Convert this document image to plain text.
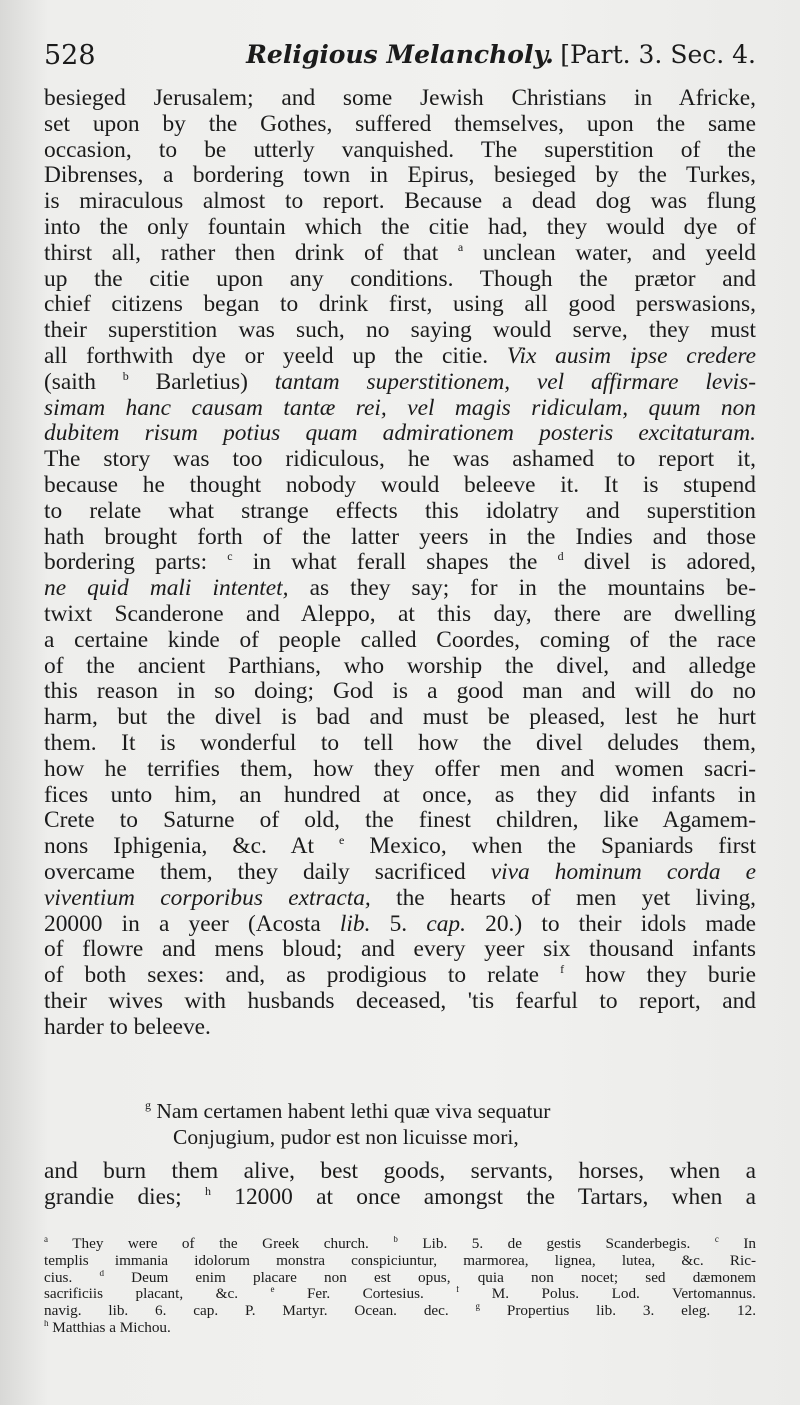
528	Religious Melancholy. [Part. 3. Sec. 4.
besieged Jerusalem; and some Jewish Christians in Africke,
set upon by the Gothes, suffered themselves, upon the same
occasion, to be utterly vanquished. The superstition of the
Dibrenses, a bordering town in Epirus, besieged by the Turkes,
is miraculous almost to report. Because a dead dog was flung
into the only fountain which the citie had, they would dye of
thirst all, rather then drink of that $^a$ unclean water, and yeeld
up the citie upon any conditions. Though the prætor and
chief citizens began to drink first, using all good perswasions,
their superstition was such, no saying would serve, they must
all forthwith dye or yeeld up the citie. Vix ausim ipse credere
(saith $^b$ Barletius) tantam superstitionem, vel affirmare levis-
simam hanc causam tantæ rei, vel magis ridiculam, quum non
dubitem risum potius quam admirationem posteris excitaturam.
The story was too ridiculous, he was ashamed to report it,
because he thought nobody would beleeve it. It is stupend
to relate what strange effects this idolatry and superstition
hath brought forth of the latter yeers in the Indies and those
bordering parts: $^c$ in what ferall shapes the $^d$ divel is adored,
ne quid mali intentet, as they say; for in the mountains be-
twixt Scanderone and Aleppo, at this day, there are dwelling
a certaine kinde of people called Coordes, coming of the race
of the ancient Parthians, who worship the divel, and alledge
this reason in so doing; God is a good man and will do no
harm, but the divel is bad and must be pleased, lest he hurt
them. It is wonderful to tell how the divel deludes them,
how he terrifies them, how they offer men and women sacri-
fices unto him, an hundred at once, as they did infants in
Crete to Saturne of old, the finest children, like Agamem-
nons Iphigenia, &c. At $^e$ Mexico, when the Spaniards first
overcame them, they daily sacrificed viva hominum corda e
viventium corporibus extracta, the hearts of men yet living,
20000 in a yeer (Acosta lib. 5. cap. 20.) to their idols made
of flowre and mens bloud; and every yeer six thousand infants
of both sexes: and, as prodigious to relate $^f$ how they burie
their wives with husbands deceased, 'tis fearful to report, and
harder to beleeve.
$^g$ Nam certamen habent lethi quæ viva sequatur
Conjugium, pudor est non licuisse mori,
and burn them alive, best goods, servants, horses, when a
grandie dies; $^h$ 12000 at once amongst the Tartars, when a
$^a$ They were of the Greek church. $^b$ Lib. 5. de gestis Scanderbegis. $^c$ In
templis immania idolorum monstra conspiciuntur, marmorea, lignea, lutea, &c. Ric-
cius. $^d$ Deum enim placare non est opus, quia non nocet; sed dæmonem
sacrificiis placant, &c. $^e$ Fer. Cortesius. $^f$ M. Polus. Lod. Vertomannus.
navig. lib. 6. cap. P. Martyr. Ocean. dec. $^g$ Propertius lib. 3. eleg. 12.
$^h$ Matthias a Michou.
